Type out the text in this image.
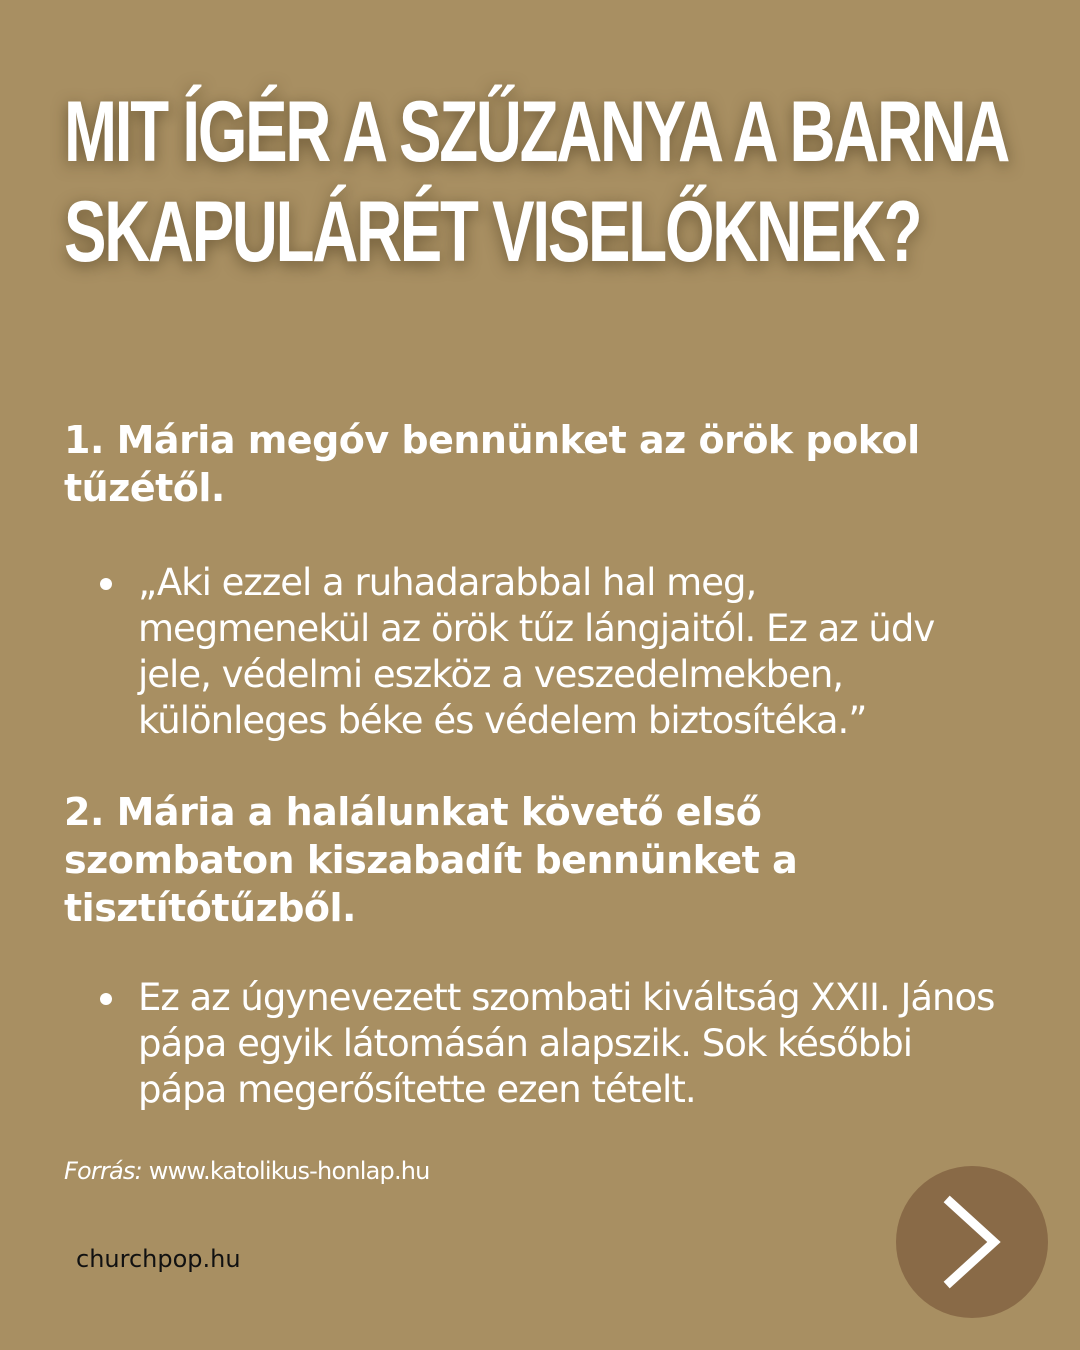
MIT ÍGÉR A SZŰZANYA A BARNA
SKAPULÁRÉT VISELŐKNEK?
1. Mária megóv bennünket az örök pokol tűzétől.

„Aki ezzel a ruhadarabbal hal meg, megmenekül az örök tűz lángjaitól. Ez az üdv jele, védelmi eszköz a veszedelmekben, különleges béke és védelem biztosítéka.”

2. Mária a halálunkat követő első szombaton kiszabadít bennünket a tisztítótűzből.

Ez az úgynevezett szombati kiváltság XXII. János pápa egyik látomásán alapszik. Sok későbbi pápa megerősítette ezen tételt.

Forrás: www.katolikus-honlap.hu
churchpop.hu
